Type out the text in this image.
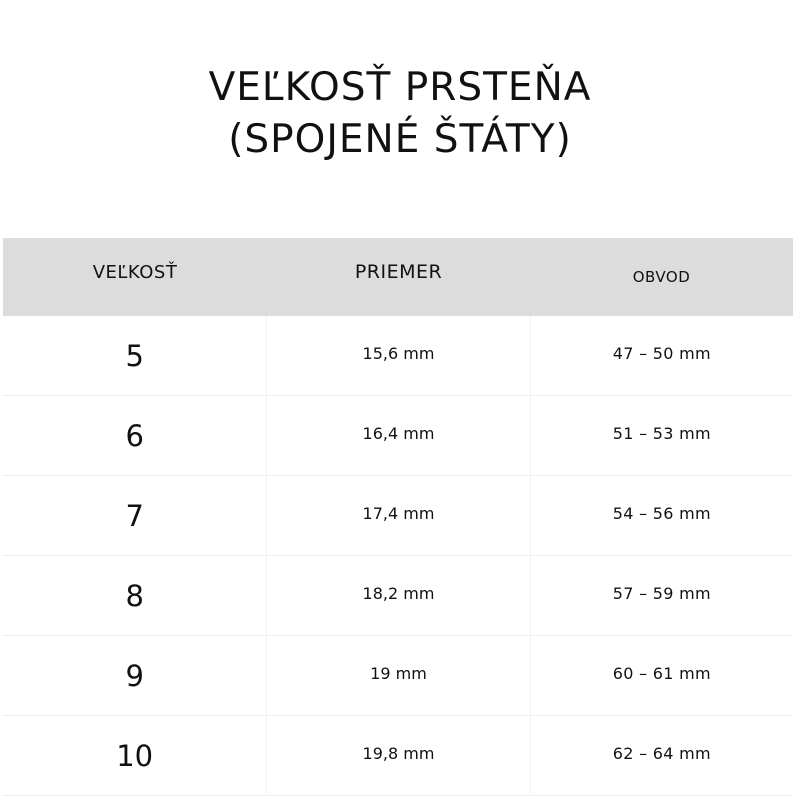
VEĽKOSŤ PRSTEŇA
(SPOJENÉ ŠTÁTY)
VEĽKOSŤ	PRIEMER	OBVOD
5	15,6 mm	47 – 50 mm
6	16,4 mm	51 – 53 mm
7	17,4 mm	54 – 56 mm
8	18,2 mm	57 – 59 mm
9	19 mm	60 – 61 mm
10	19,8 mm	62 – 64 mm
